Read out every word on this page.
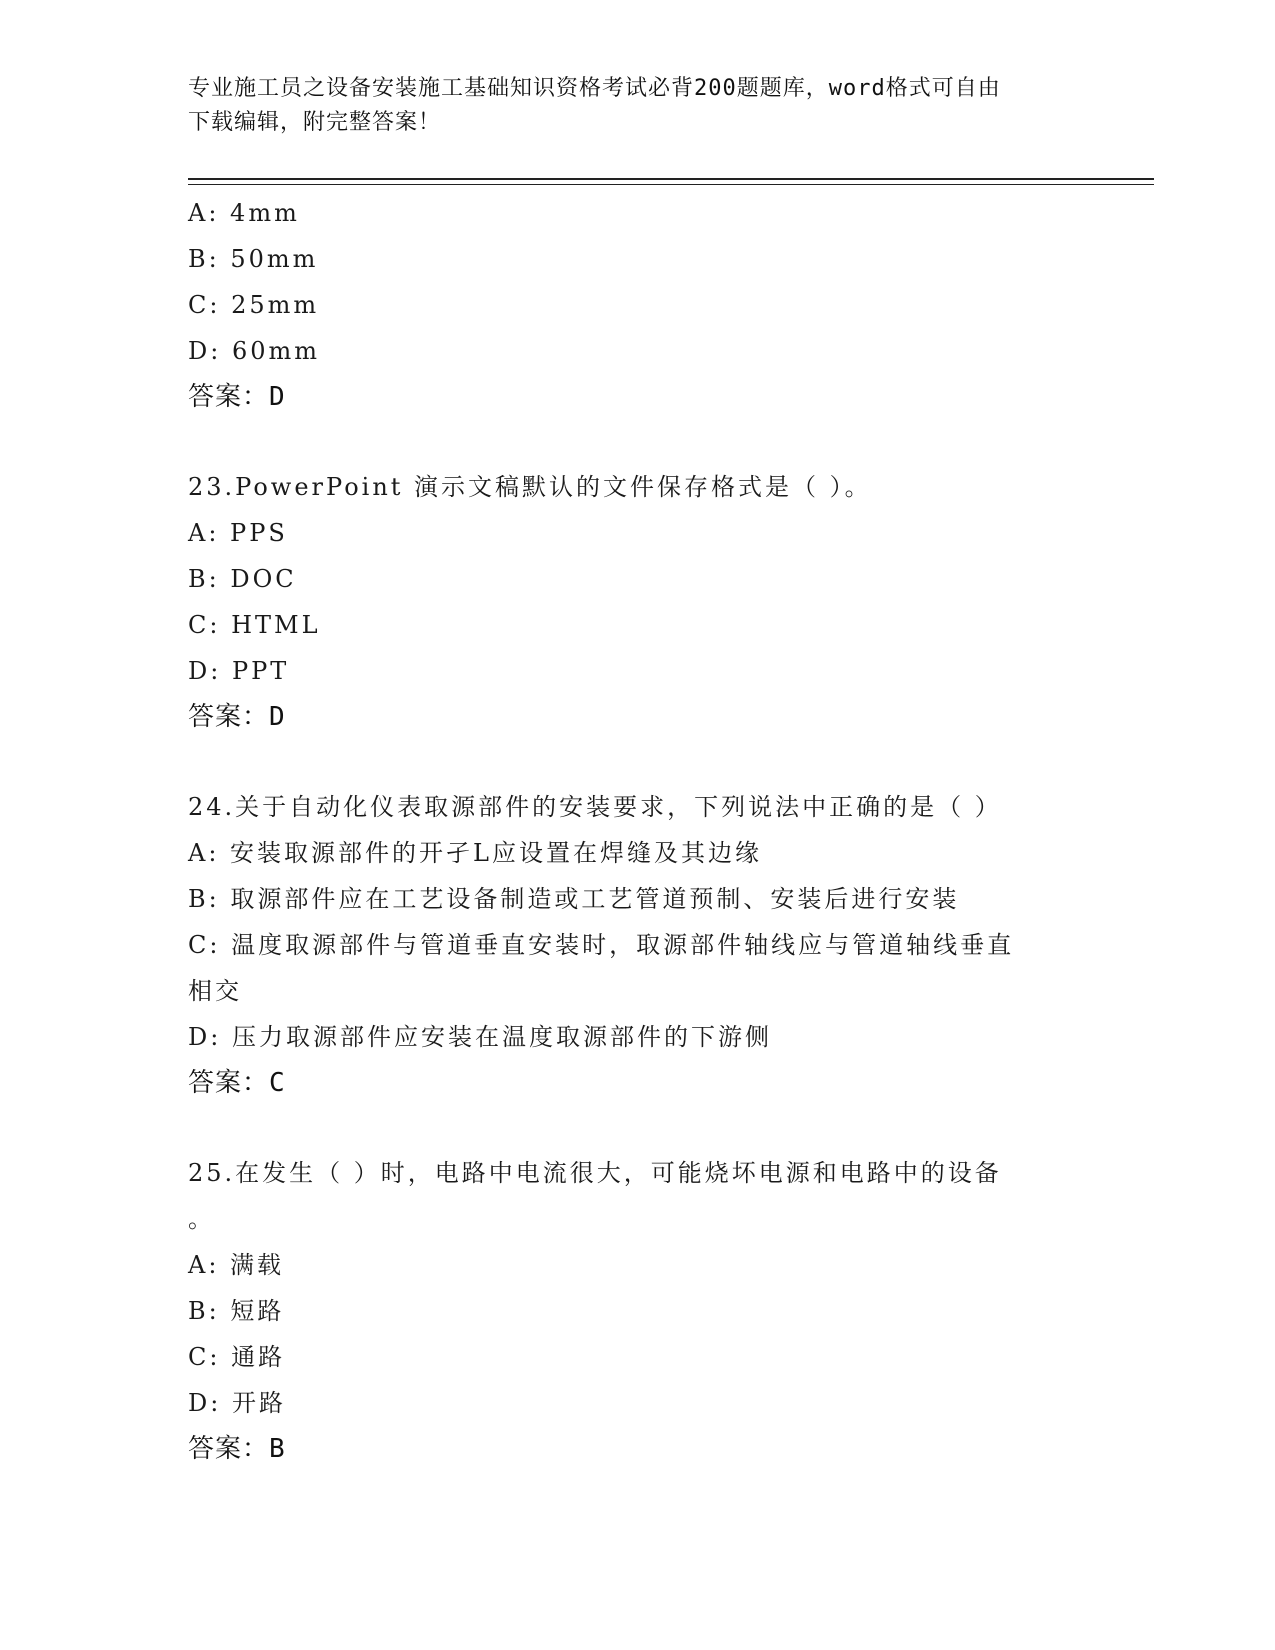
专业施工员之设备安装施工基础知识资格考试必背200题题库，word格式可自由
下载编辑，附完整答案！
A: 4mm
B: 50mm
C: 25mm
D: 60mm
答案：D
23.PowerPoint 演示文稿默认的文件保存格式是（ ）。
A: PPS
B: DOC
C: HTML
D: PPT
答案：D
24.关于自动化仪表取源部件的安装要求，下列说法中正确的是（ ）
A: 安装取源部件的开孑L应设置在焊缝及其边缘
B: 取源部件应在工艺设备制造或工艺管道预制、安装后进行安装
C: 温度取源部件与管道垂直安装时，取源部件轴线应与管道轴线垂直
相交
D: 压力取源部件应安装在温度取源部件的下游侧
答案：C
25.在发生（ ）时，电路中电流很大，可能烧坏电源和电路中的设备
。
A: 满载
B: 短路
C: 通路
D: 开路
答案：B
